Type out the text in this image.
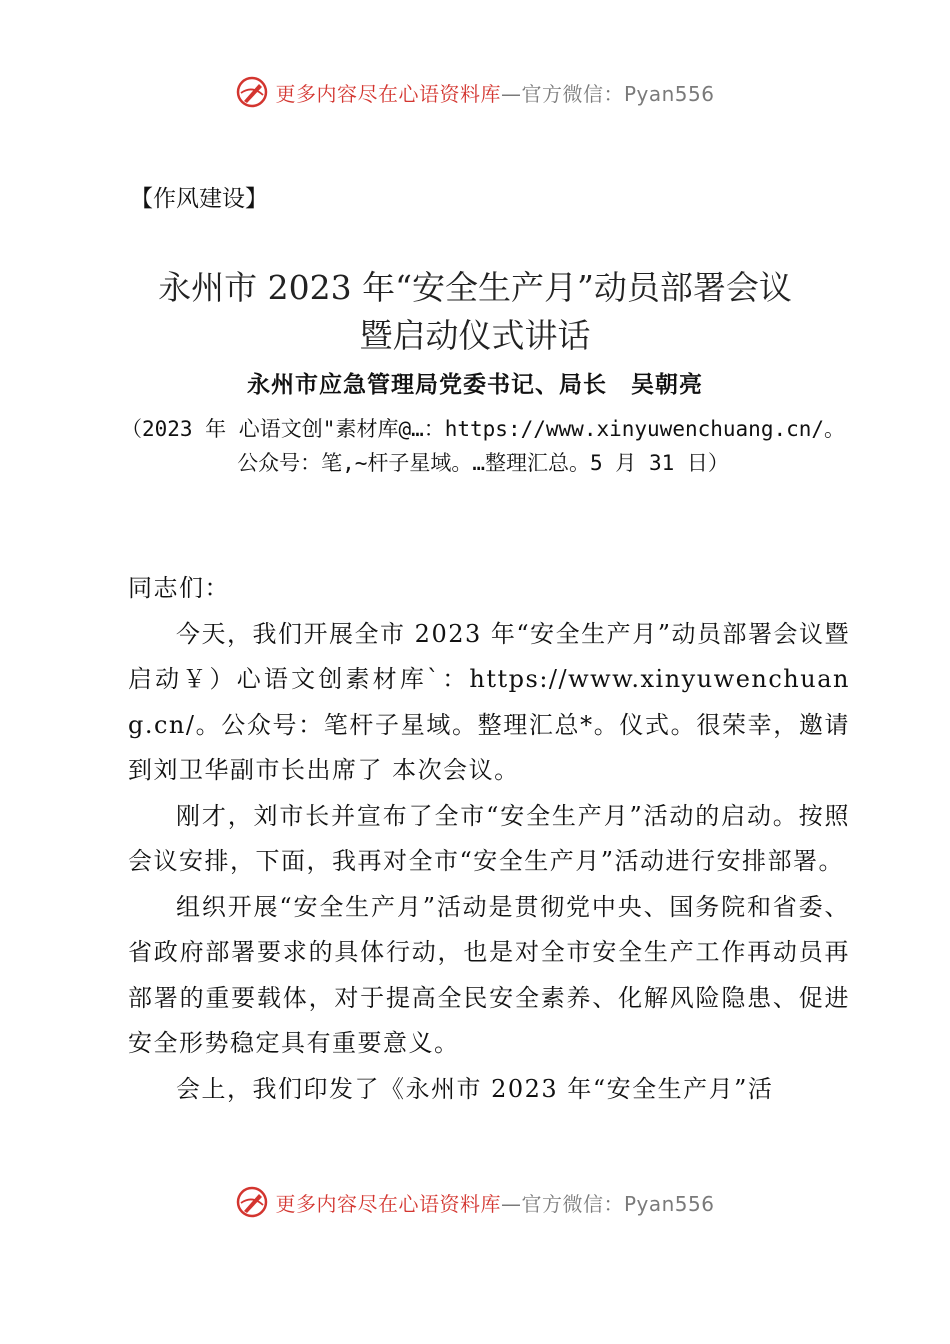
更多内容尽在心语资料库—官方微信：Pyan556
【作风建设】
永州市 2023 年“安全生产月”动员部署会议
暨启动仪式讲话
永州市应急管理局党委书记、局长　吴朝亮
（2023 年 心语文创"素材库@…：https://www.xinyuwenchuang.cn/。公众号：笔,~杆子星域。…整理汇总。5 月 31 日）

同志们：

今天，我们开展全市 2023 年“安全生产月”动员部署会议暨启动￥）心语文创素材库`：https://www.xinyuwenchuang.cn/。公众号：笔杆子星域。整理汇总*。仪式。很荣幸，邀请到刘卫华副市长出席了 本次会议。

刚才，刘市长并宣布了全市“安全生产月”活动的启动。按照会议安排，下面，我再对全市“安全生产月”活动进行安排部署。

组织开展“安全生产月”活动是贯彻党中央、国务院和省委、省政府部署要求的具体行动，也是对全市安全生产工作再动员再部署的重要载体，对于提高全民安全素养、化解风险隐患、促进安全形势稳定具有重要意义。

会上，我们印发了《永州市 2023 年“安全生产月”活

更多内容尽在心语资料库—官方微信：Pyan556
